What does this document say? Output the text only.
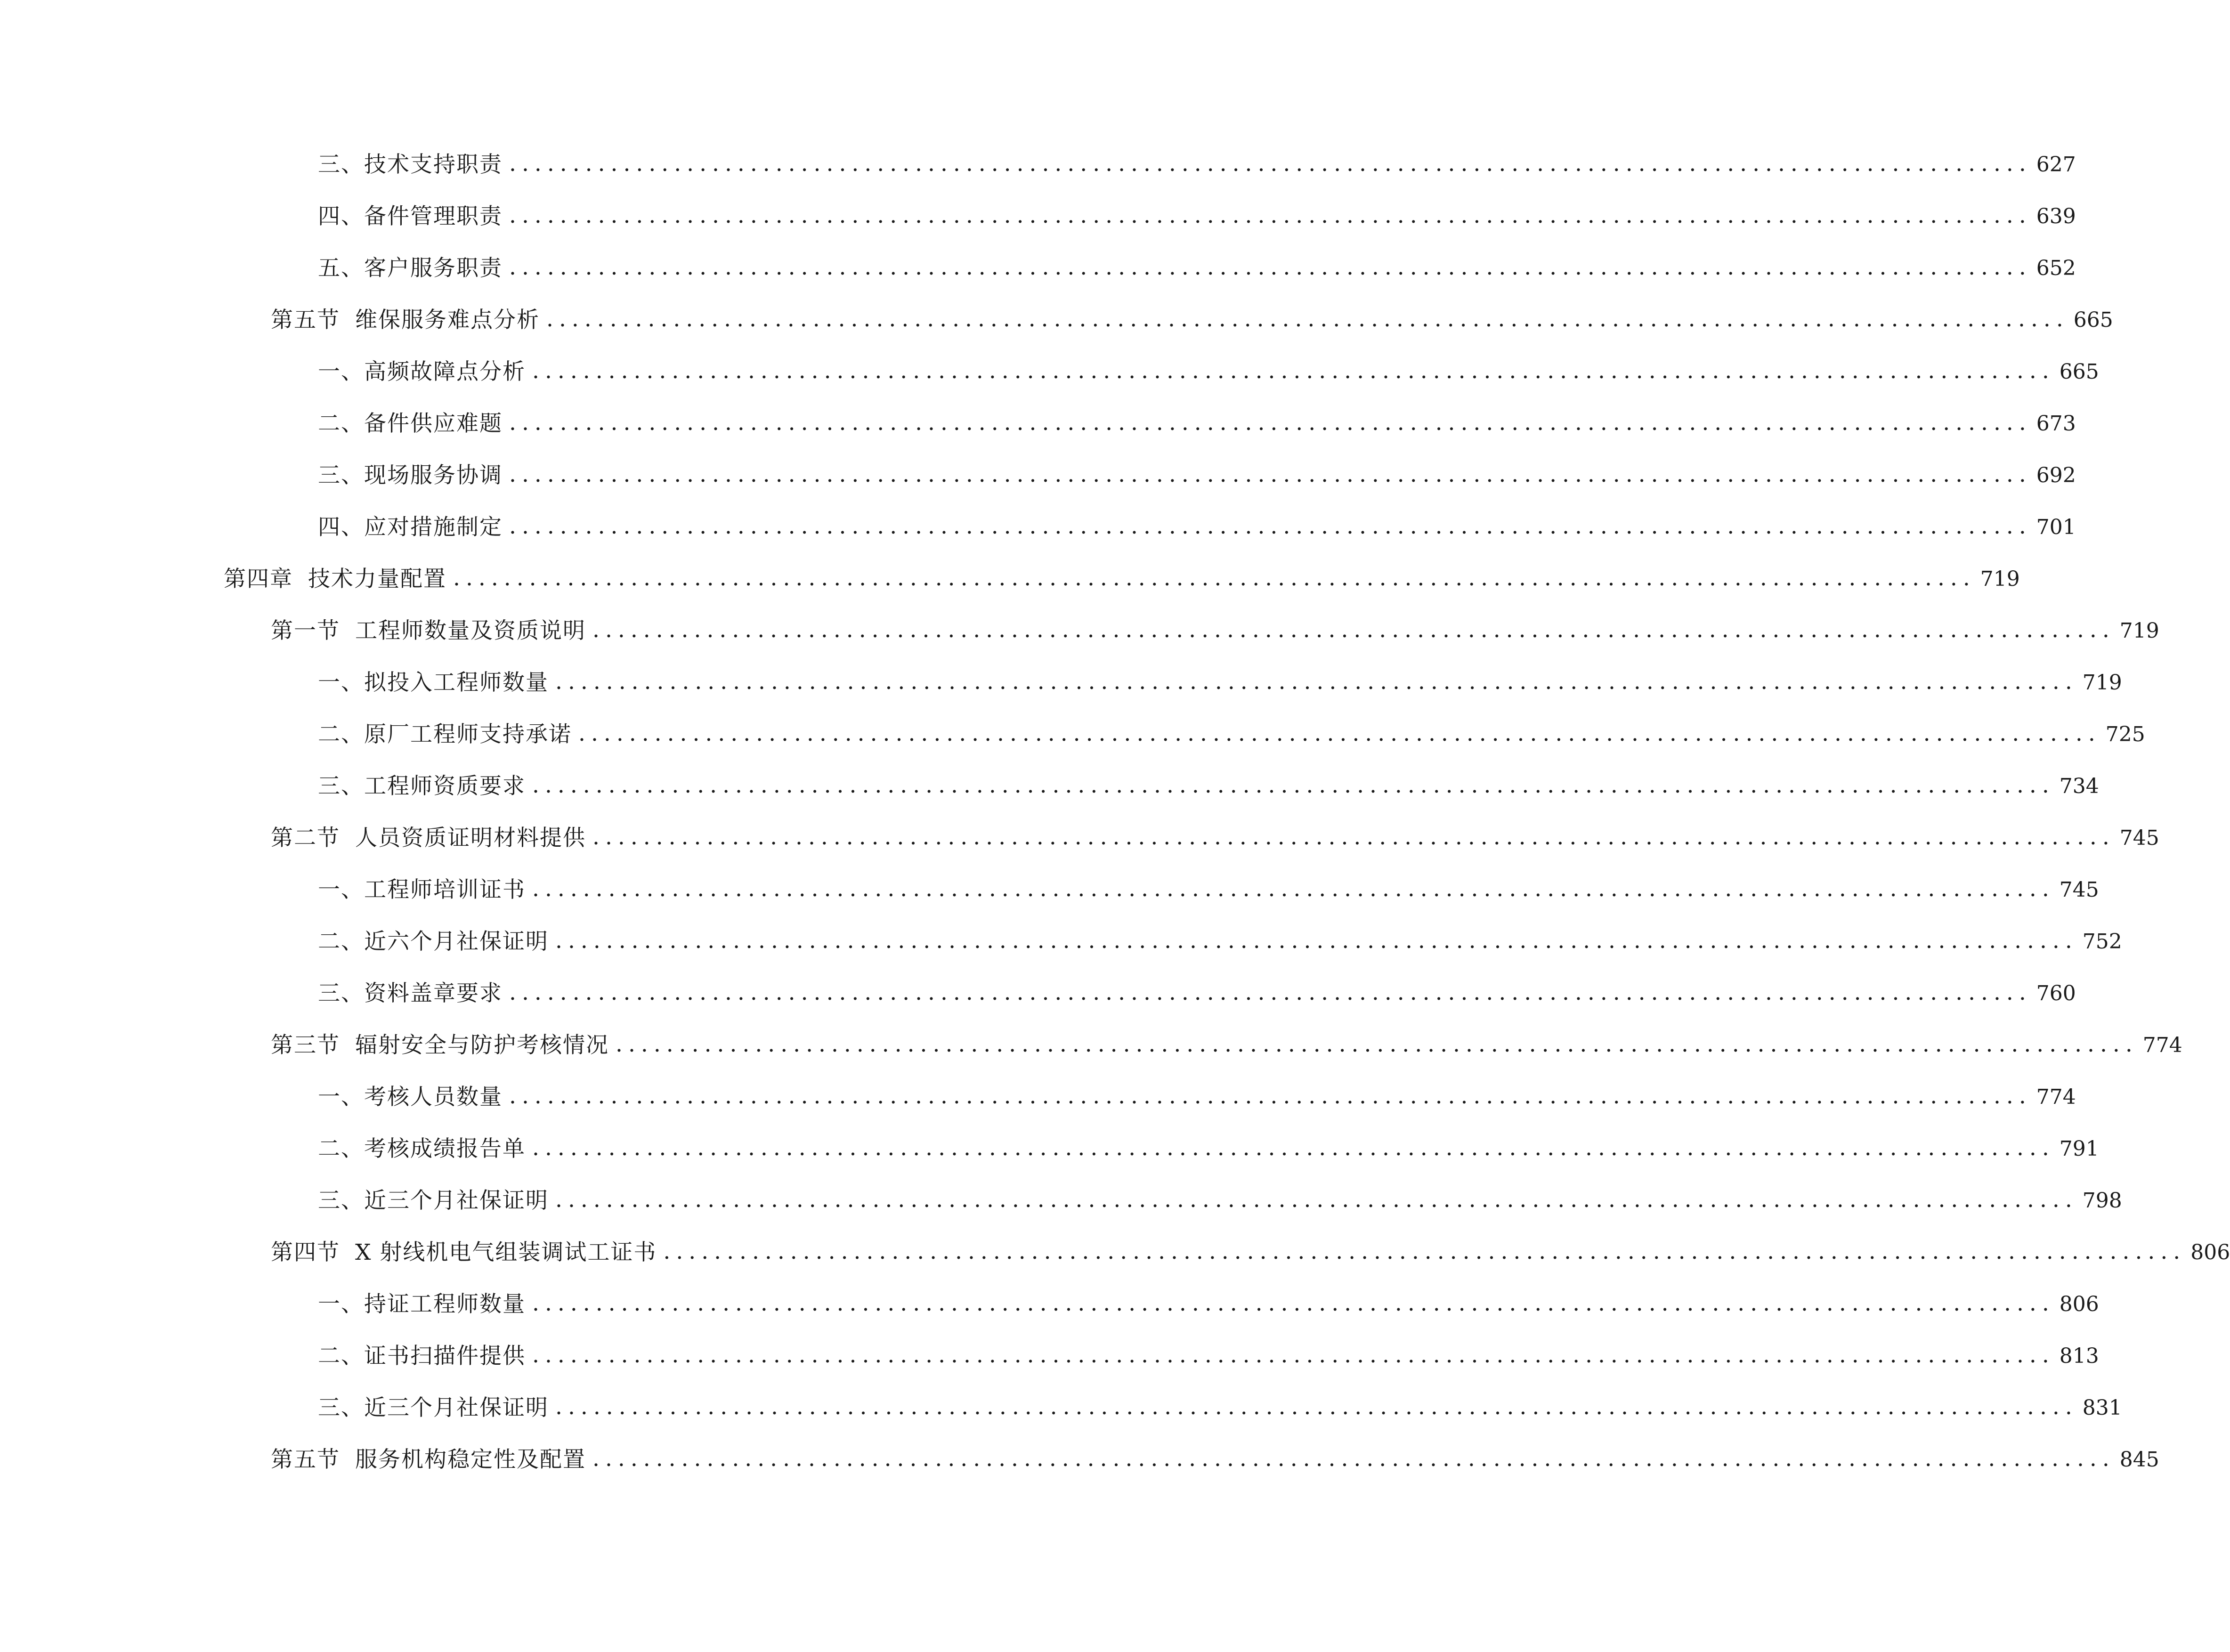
三、 技术支持职责 ........................................................................................................................ 627
四、 备件管理职责 ........................................................................................................................ 639
五、 客户服务职责 ........................................................................................................................ 652
第五节 维保服务难点分析 ........................................................................................................................ 665
一、 高频故障点分析 ........................................................................................................................ 665
二、 备件供应难题 ........................................................................................................................ 673
三、 现场服务协调 ........................................................................................................................ 692
四、 应对措施制定 ........................................................................................................................ 701
第四章 技术力量配置 ........................................................................................................................ 719
第一节 工程师数量及资质说明 ........................................................................................................................ 719
一、 拟投入工程师数量 ........................................................................................................................ 719
二、 原厂工程师支持承诺 ........................................................................................................................ 725
三、 工程师资质要求 ........................................................................................................................ 734
第二节 人员资质证明材料提供 ........................................................................................................................ 745
一、 工程师培训证书 ........................................................................................................................ 745
二、 近六个月社保证明 ........................................................................................................................ 752
三、 资料盖章要求 ........................................................................................................................ 760
第三节 辐射安全与防护考核情况 ........................................................................................................................ 774
一、 考核人员数量 ........................................................................................................................ 774
二、 考核成绩报告单 ........................................................................................................................ 791
三、 近三个月社保证明 ........................................................................................................................ 798
第四节 X 射线机电气组装调试工证书 ........................................................................................................................ 806
一、 持证工程师数量 ........................................................................................................................ 806
二、 证书扫描件提供 ........................................................................................................................ 813
三、 近三个月社保证明 ........................................................................................................................ 831
第五节 服务机构稳定性及配置 ........................................................................................................................ 845
